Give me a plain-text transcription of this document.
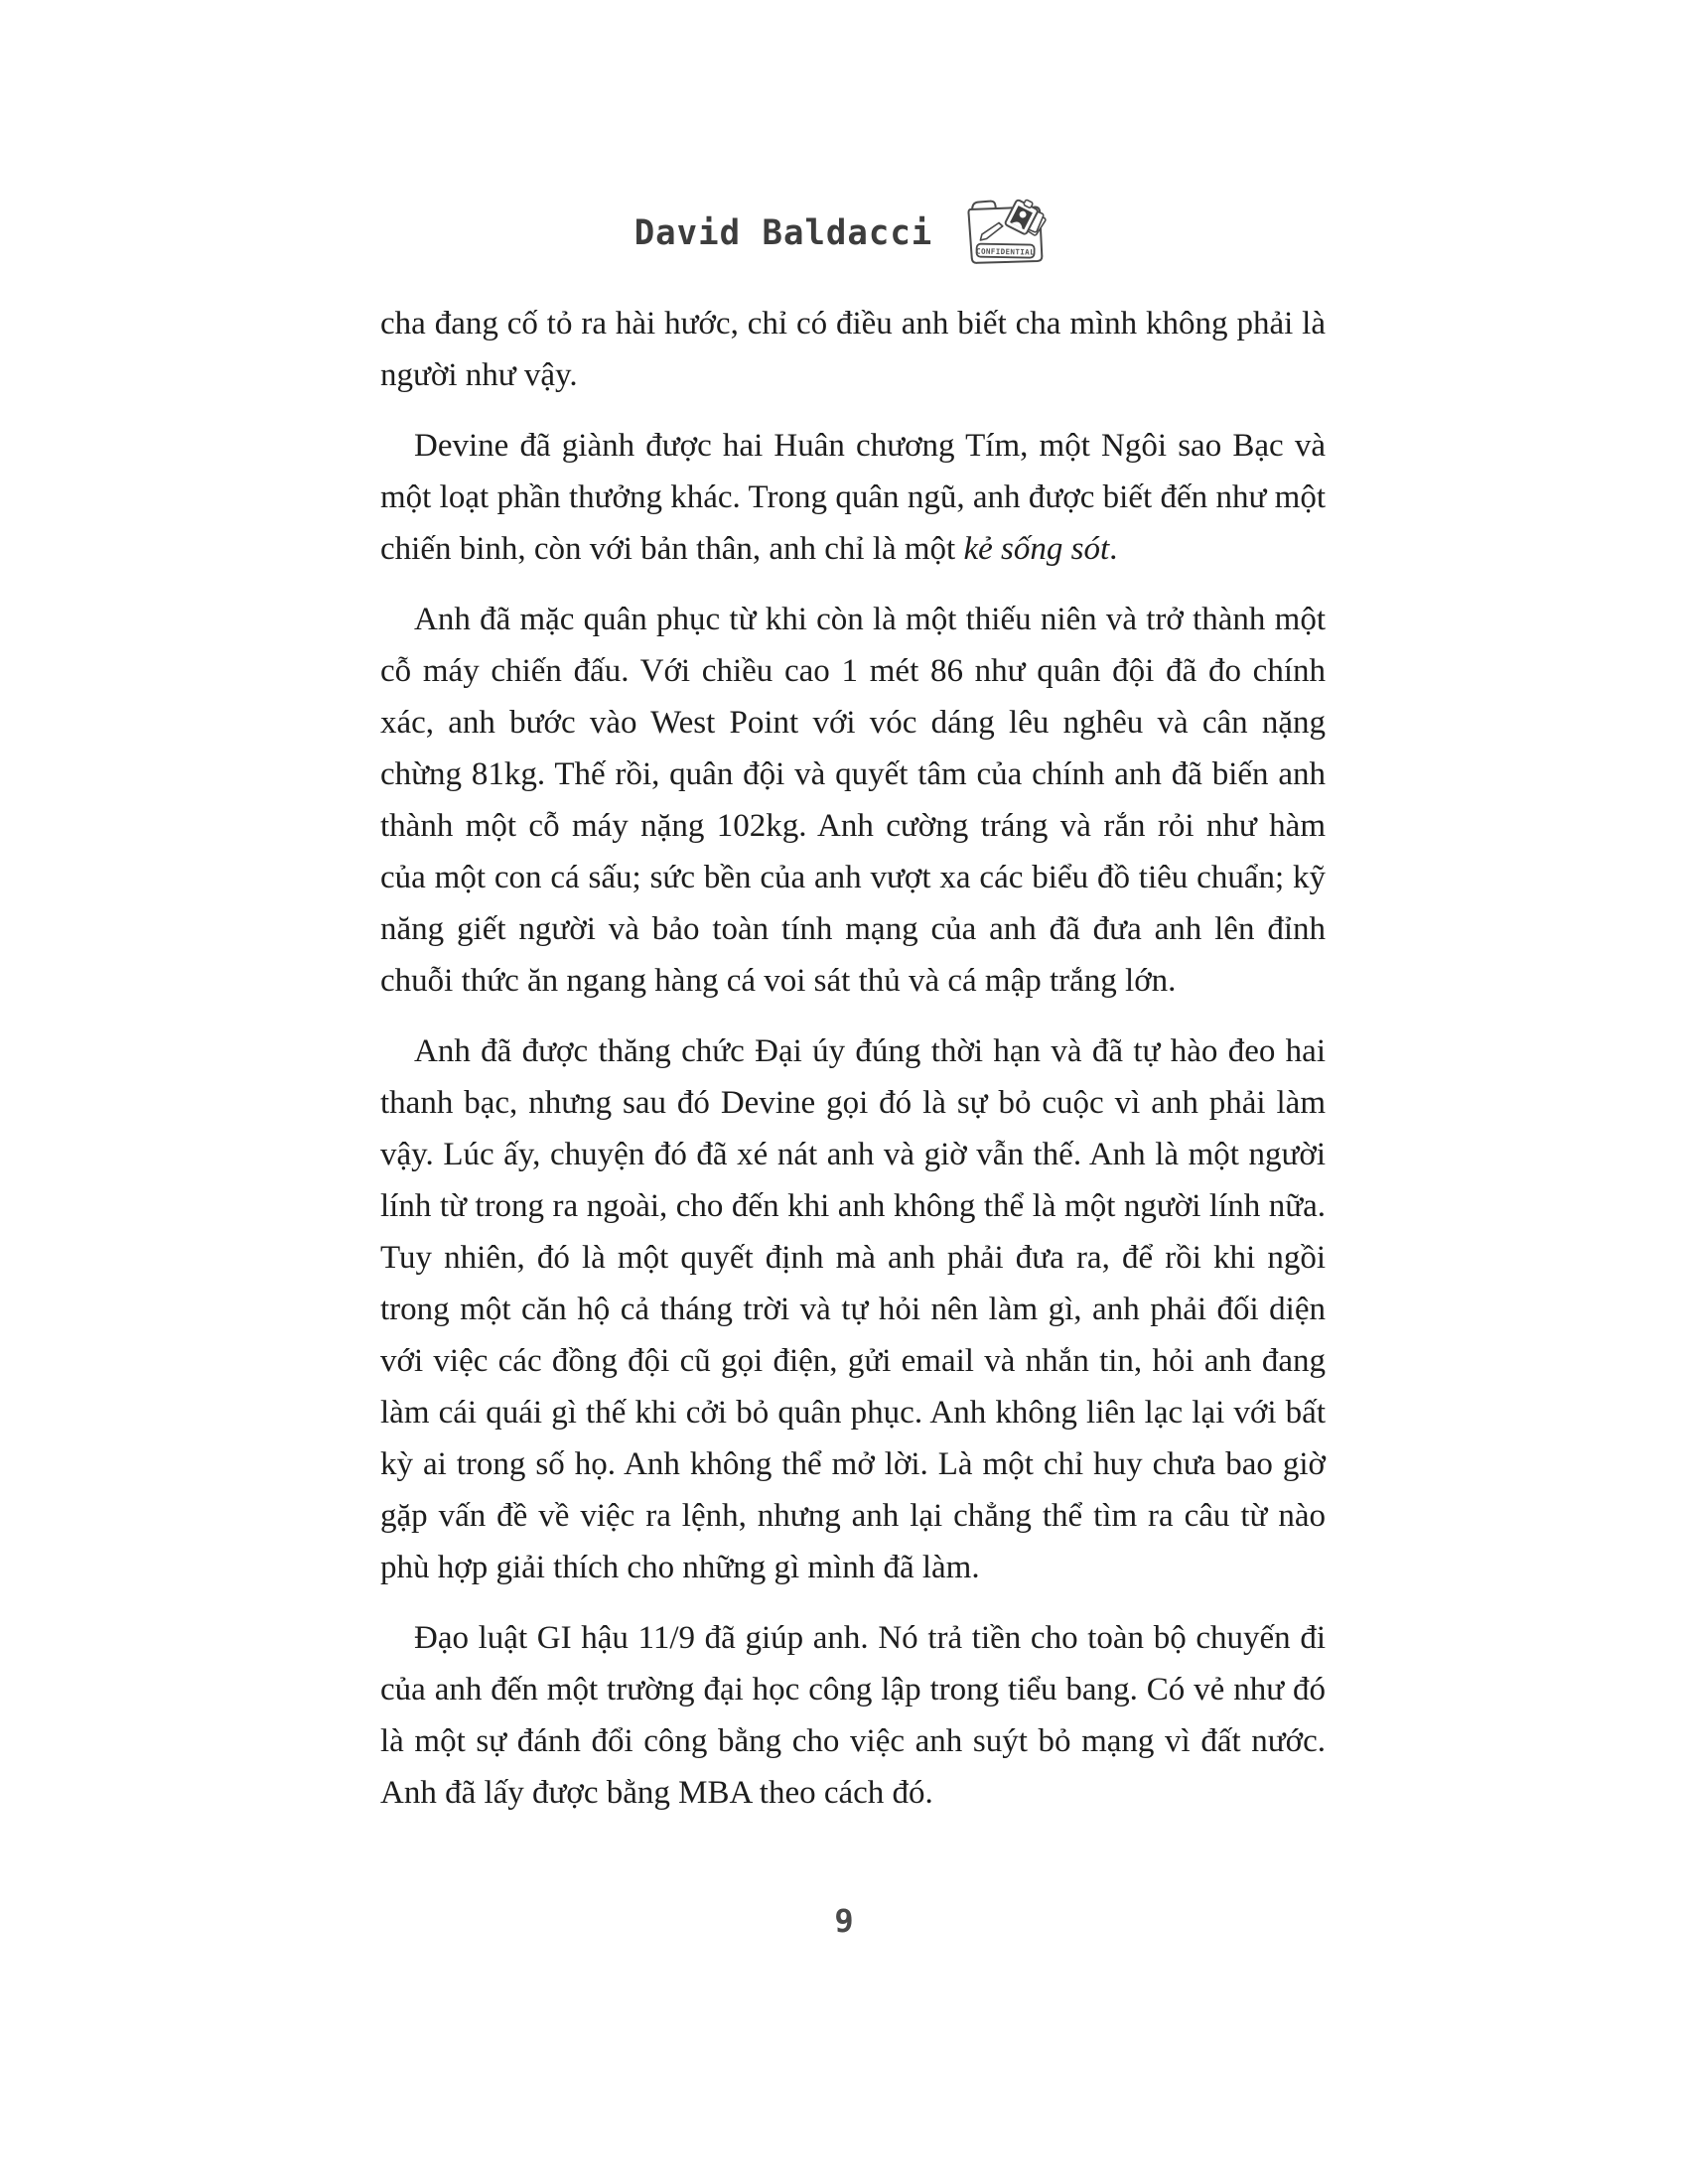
David Baldacci	CONFIDENTIAL

cha đang cố tỏ ra hài hước, chỉ có điều anh biết cha mình không phải là người như vậy.

Devine đã giành được hai Huân chương Tím, một Ngôi sao Bạc và một loạt phần thưởng khác. Trong quân ngũ, anh được biết đến như một chiến binh, còn với bản thân, anh chỉ là một kẻ sống sót.

Anh đã mặc quân phục từ khi còn là một thiếu niên và trở thành một cỗ máy chiến đấu. Với chiều cao 1 mét 86 như quân đội đã đo chính xác, anh bước vào West Point với vóc dáng lêu nghêu và cân nặng chừng 81kg. Thế rồi, quân đội và quyết tâm của chính anh đã biến anh thành một cỗ máy nặng 102kg. Anh cường tráng và rắn rỏi như hàm của một con cá sấu; sức bền của anh vượt xa các biểu đồ tiêu chuẩn; kỹ năng giết người và bảo toàn tính mạng của anh đã đưa anh lên đỉnh chuỗi thức ăn ngang hàng cá voi sát thủ và cá mập trắng lớn.

Anh đã được thăng chức Đại úy đúng thời hạn và đã tự hào đeo hai thanh bạc, nhưng sau đó Devine gọi đó là sự bỏ cuộc vì anh phải làm vậy. Lúc ấy, chuyện đó đã xé nát anh và giờ vẫn thế. Anh là một người lính từ trong ra ngoài, cho đến khi anh không thể là một người lính nữa. Tuy nhiên, đó là một quyết định mà anh phải đưa ra, để rồi khi ngồi trong một căn hộ cả tháng trời và tự hỏi nên làm gì, anh phải đối diện với việc các đồng đội cũ gọi điện, gửi email và nhắn tin, hỏi anh đang làm cái quái gì thế khi cởi bỏ quân phục. Anh không liên lạc lại với bất kỳ ai trong số họ. Anh không thể mở lời. Là một chỉ huy chưa bao giờ gặp vấn đề về việc ra lệnh, nhưng anh lại chẳng thể tìm ra câu từ nào phù hợp giải thích cho những gì mình đã làm.

Đạo luật GI hậu 11/9 đã giúp anh. Nó trả tiền cho toàn bộ chuyến đi của anh đến một trường đại học công lập trong tiểu bang. Có vẻ như đó là một sự đánh đổi công bằng cho việc anh suýt bỏ mạng vì đất nước. Anh đã lấy được bằng MBA theo cách đó.

9
